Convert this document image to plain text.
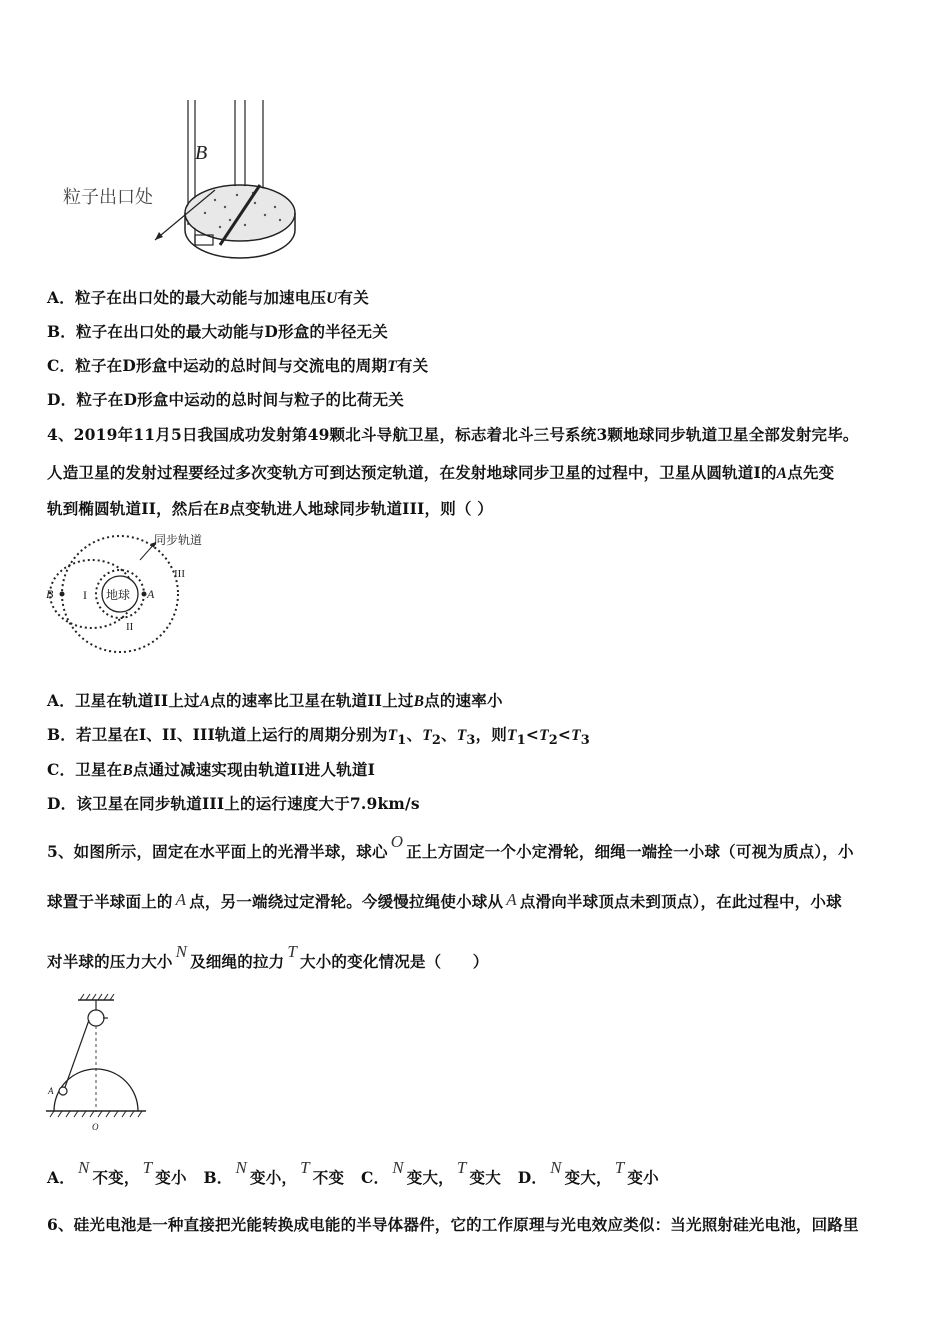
B
粒子出口处
A．粒子在出口处的最大动能与加速电压U有关
B．粒子在出口处的最大动能与D形盒的半径无关
C．粒子在D形盒中运动的总时间与交流电的周期T有关
D．粒子在D形盒中运动的总时间与粒子的比荷无关
4、2019年11月5日我国成功发射第49颗北斗导航卫星，标志着北斗三号系统3颗地球同步轨道卫星全部发射完毕。
人造卫星的发射过程要经过多次变轨方可到达预定轨道，在发射地球同步卫星的过程中，卫星从圆轨道I的A点先变
轨到椭圆轨道II，然后在B点变轨进人地球同步轨道III，则（ ）
地球 A
B I
II
III
同步轨道
A．卫星在轨道II上过A点的速率比卫星在轨道II上过B点的速率小
B．若卫星在I、II、III轨道上运行的周期分别为$T_1$、$T_2$、$T_3$，则$T_1<T_2<T_3$
C．卫星在B点通过减速实现由轨道II进人轨道I
D．该卫星在同步轨道III上的运行速度大于7.9km/s
5、如图所示，固定在水平面上的光滑半球，球心O正上方固定一个小定滑轮，细绳一端拴一小球（可视为质点），小
球置于半球面上的 A 点，另一端绕过定滑轮。今缓慢拉绳使小球从 A 点滑向半球顶点未到顶点），在此过程中，小球
对半球的压力大小N及细绳的拉力T大小的变化情况是（　　）
A
O
A．N不变，T变小 B．N变小，T不变 C．N变大，T变大 D．N变大，T变小
6、硅光电池是一种直接把光能转换成电能的半导体器件，它的工作原理与光电效应类似：当光照射硅光电池，回路里
